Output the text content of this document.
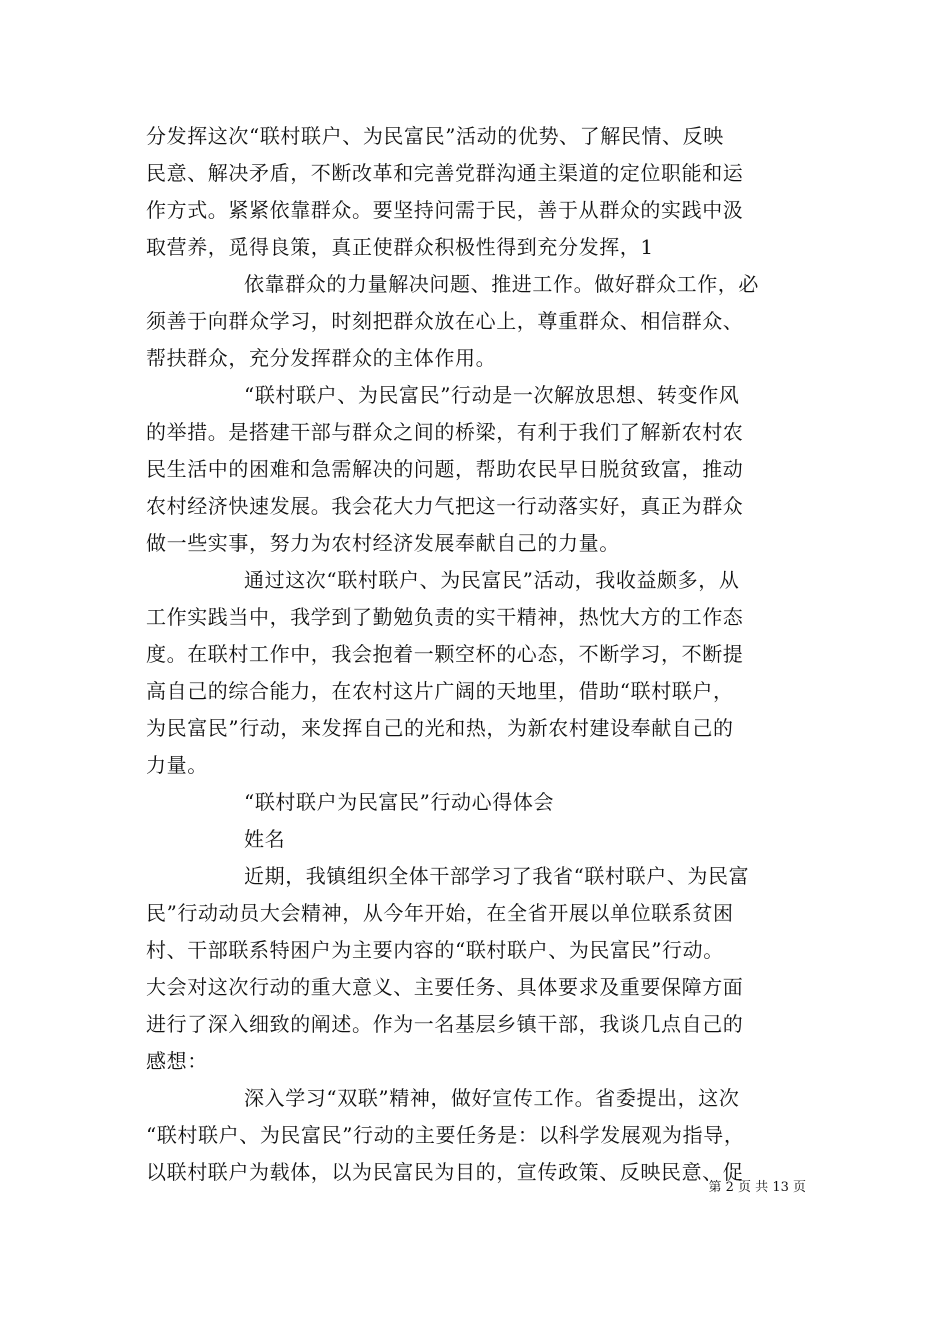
分发挥这次“联村联户、为民富民”活动的优势、了解民情、反映
民意、解决矛盾，不断改革和完善党群沟通主渠道的定位职能和运
作方式。紧紧依靠群众。要坚持问需于民，善于从群众的实践中汲
取营养，觅得良策，真正使群众积极性得到充分发挥，1
依靠群众的力量解决问题、推进工作。做好群众工作，必
须善于向群众学习，时刻把群众放在心上，尊重群众、相信群众、
帮扶群众，充分发挥群众的主体作用。
“联村联户、为民富民”行动是一次解放思想、转变作风
的举措。是搭建干部与群众之间的桥梁，有利于我们了解新农村农
民生活中的困难和急需解决的问题，帮助农民早日脱贫致富，推动
农村经济快速发展。我会花大力气把这一行动落实好，真正为群众
做一些实事，努力为农村经济发展奉献自己的力量。
通过这次“联村联户、为民富民”活动，我收益颇多，从
工作实践当中，我学到了勤勉负责的实干精神，热忱大方的工作态
度。在联村工作中，我会抱着一颗空杯的心态，不断学习，不断提
高自己的综合能力，在农村这片广阔的天地里，借助“联村联户，
为民富民”行动，来发挥自己的光和热，为新农村建设奉献自己的
力量。
“联村联户为民富民”行动心得体会
姓名
近期，我镇组织全体干部学习了我省“联村联户、为民富
民”行动动员大会精神，从今年开始，在全省开展以单位联系贫困
村、干部联系特困户为主要内容的“联村联户、为民富民”行动。
大会对这次行动的重大意义、主要任务、具体要求及重要保障方面
进行了深入细致的阐述。作为一名基层乡镇干部，我谈几点自己的
感想：
深入学习“双联”精神，做好宣传工作。省委提出，这次
“联村联户、为民富民”行动的主要任务是：以科学发展观为指导，
以联村联户为载体，以为民富民为目的，宣传政策、反映民意、促
第 2 页 共 13 页
